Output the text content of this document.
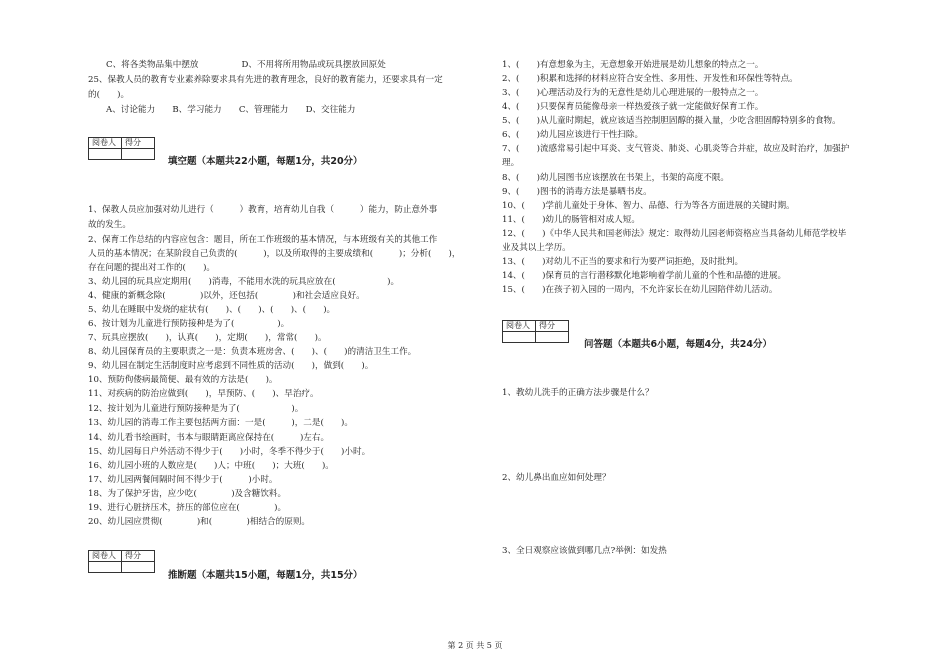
C、将各类物品集中摆放　　　　　D、不用将所用物品或玩具摆放回原处
25、保教人员的教育专业素养除要求具有先进的教育理念，良好的教育能力，还要求具有一定
的(　　)。
A、讨论能力　　B、学习能力　　C、管理能力　　D、交往能力
阅卷人	得分

填空题（本题共22小题，每题1分，共20分）
1、保教人员应加强对幼儿进行（　　　）教育，培育幼儿自我（　　　）能力，防止意外事
故的发生。
2、保育工作总结的内容应包含：题目，所在工作班级的基本情况，与本班级有关的其他工作
人员的基本情况；在某阶段自己负责的(　　　)，以及所取得的主要成绩和(　　　)；分析(　　)，
存在问题的提出对工作的(　　)。
3、幼儿园的玩具应定期用(　　)消毒，不能用水洗的玩具应放在(　　　　　　)。
4、健康的新概念除(　　　　)以外，还包括(　　　　)和社会适应良好。
5、幼儿在睡眠中发烧的症状有(　　)、(　　)、(　　)、(　　)。
6、按计划为儿童进行预防接种是为了(　　　　　)。
7、玩具应摆放(　　)，认真(　　)，定期(　　)，常常(　　)。
8、幼儿园保育员的主要职责之一是：负责本班房舍、(　　)、(　　)的清洁卫生工作。
9、幼儿园在制定生活制度时应考虑到不同性质的活动(　　)，做到(　　)。
10、预防佝偻病最简便、最有效的方法是(　　)。
11、对疾病的防治应做到(　　)，早预防、(　　)、早治疗。
12、按计划为儿童进行预防接种是为了(　　　　　　)。
13、幼儿园的消毒工作主要包括两方面：一是(　　　)，二是(　　)。
14、幼儿看书绘画时，书本与眼睛距离应保持在(　　　)左右。
15、幼儿园每日户外活动不得少于(　　)小时，冬季不得少于(　　)小时。
16、幼儿园小班的人数应是(　　)人；中班(　　)；大班(　　)。
17、幼儿园两餐间隔时间不得少于(　　　)小时。
18、为了保护牙齿，应少吃(　　　　)及含糖饮料。
19、进行心脏挤压术，挤压的部位应在(　　　　)。
20、幼儿园应贯彻(　　　　)和(　　　　)相结合的原则。
阅卷人	得分

推断题（本题共15小题，每题1分，共15分）
1、(　　)有意想象为主，无意想象开始进展是幼儿想象的特点之一。
2、(　　)积累和选择的材料应符合安全性、多用性、开发性和环保性等特点。
3、(　　)心理活动及行为的无意性是幼儿心理进展的一般特点之一。
4、(　　)只要保育员能像母亲一样热爱孩子就一定能做好保育工作。
5、(　　)从儿童时期起，就应该适当控制胆固醇的摄入量，少吃含胆固醇特别多的食物。
6、(　　)幼儿园应该进行干性扫除。
7、(　　)流感常易引起中耳炎、支气管炎、肺炎、心肌炎等合并症，故应及时治疗，加强护
理。
8、(　　)幼儿园图书应该摆放在书架上，书架的高度不限。
9、(　　)图书的消毒方法是暴晒书皮。
10、(　　)学前儿童处于身体、智力、品德、行为等各方面进展的关键时期。
11、(　　)幼儿的肠管相对成人短。
12、(　　)《中华人民共和国老师法》规定：取得幼儿园老师资格应当具备幼儿师范学校毕
业及其以上学历。
13、(　　)对幼儿不正当的要求和行为要严词拒绝，及时批判。
14、(　　)保育员的言行潜移默化地影响着学前儿童的个性和品德的进展。
15、(　　)在孩子初入园的一周内，不允许家长在幼儿园陪伴幼儿活动。
阅卷人	得分

问答题（本题共6小题，每题4分，共24分）
1、教幼儿洗手的正确方法步骤是什么？
2、幼儿鼻出血应如何处理？
3、全日观察应该做到哪几点?举例：如发热
第 2 页 共 5 页
